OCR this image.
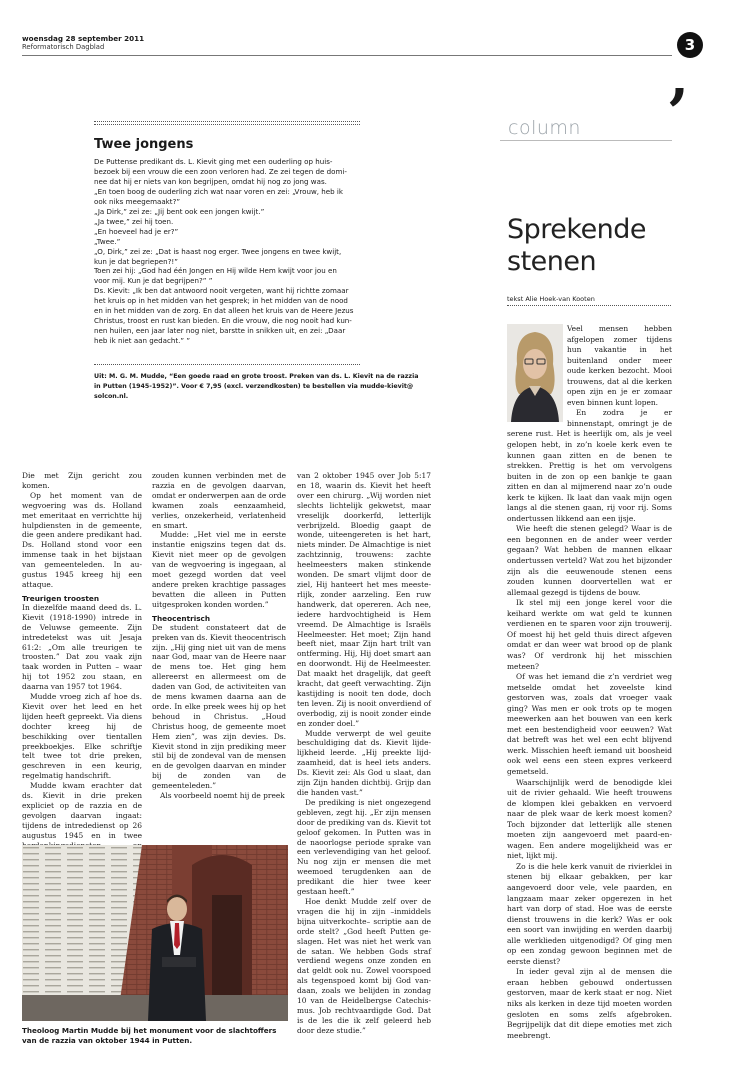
woensdag 28 september 2011
Reformatorisch Dagblad	3
,
Twee jongens

De Puttense predikant ds. L. Kievit ging met een ouderling op huis-

bezoek bij een vrouw die een zoon verloren had. Ze zei tegen de domi-

nee dat hij er niets van kon begrijpen, omdat hij nog zo jong was.

„En toen boog de ouderling zich wat naar voren en zei: „Vrouw, heb ik

ook niks meegemaakt?”

„Ja Dirk,” zei ze: „Jij bent ook een jongen kwijt.”

„Ja twee,” zei hij toen.

„En hoeveel had je er?”

„Twee.”

„O, Dirk,” zei ze: „Dat is haast nog erger. Twee jongens en twee kwijt,

kun je dat begriepen?!”

Toen zei hij: „God had één Jongen en Hij wilde Hem kwijt voor jou en

voor mij. Kun je dat begrijpen?” ”

Ds. Kievit: „Ik ben dat antwoord nooit vergeten, want hij richtte zomaar

het kruis op in het midden van het gesprek; in het midden van de nood

en in het midden van de zorg. En dat alleen het kruis van de Heere Jezus

Christus, troost en rust kan bieden. En die vrouw, die nog nooit had kun-

nen huilen, een jaar later nog niet, barstte in snikken uit, en zei: „Daar

heb ik niet aan gedacht.” ”

Uit: M. G. M. Mudde, “Een goede raad en grote troost. Preken van ds. L. Kievit na de razzia

in Putten (1945-1952)”. Voor € 7,95 (excl. verzendkosten) te bestellen via mudde-kievit@

solcon.nl.

Die met Zijn gericht zou komen.

Op het moment van de wegvoering was ds. Holland met emeritaat en verrichtte hij hulpdiensten in de gemeente, die geen andere predikant had. Ds. Holland stond voor een immense taak in het bijstaan van gemeenteleden. In augustus 1945 kreeg hij een attaque.

Treurigen troosten

In diezelfde maand deed ds. L. Kievit (1918-1990) intrede in de Veluwse gemeente. Zijn intredetekst was uit Jesaja 61:2: „Om alle treurigen te troosten.” Dat zou vaak zijn taak worden in Putten – waar hij tot 1952 zou staan, en daarna van 1957 tot 1964.

Mudde vroeg zich af hoe ds. Kievit over het leed en het lijden heeft gepreekt. Via diens dochter kreeg hij de beschikking over tientallen preekboekjes. Elke schriftje telt twee tot drie preken, geschreven in een keurig, regelmatig handschrift.

Mudde kwam erachter dat ds. Kievit in drie preken expliciet op de razzia en de gevolgen daarvan ingaat: tijdens de intrededienst op 26 augustus 1945 en in twee

zouden kunnen verbinden met de razzia en de gevolgen daarvan, omdat er onderwerpen aan de orde kwamen zoals eenzaamheid, verlies, onzekerheid, verlatenheid en smart.

Mudde: „Het viel me in eerste instantie enigszins tegen dat ds. Kievit niet meer op de gevolgen van de wegvoering is ingegaan, al moet gezegd worden dat veel andere preken krachtige passages bevatten die alleen in Putten uitgesproken konden worden.”

Theocentrisch

De student constateert dat de preken van ds. Kievit theocentrisch zijn. „Hij ging niet uit van de mens naar God, maar van de Heere naar de mens toe. Het ging hem allereerst en allermeest om de daden van God, de activiteiten van de mens kwamen daarna aan de orde. In elke preek wees hij op het behoud in Christus. „Houd Christus hoog, de gemeente moet Hem zien”, was zijn devies. Ds. Kievit stond in zijn prediking meer stil bij de zondeval van de mensen en de gevolgen daarvan en minder bij de zonden van de gemeenteleden.”

Als voorbeeld noemt hij de preek

van 2 oktober 1945 over Job 5:17 en 18, waarin ds. Kievit het heeft over een chirurg. „Wij worden niet slechts lichtelijk gekwetst, maar vreselijk doorkerfd, letterlijk verbrijzeld. Bloedig gaapt de wonde, uiteengereten is het hart, niets minder. De Almachtige is niet zachtzinnig, trouwens: zachte heelmeesters maken stinkende wonden. De smart vlijmt door de ziel, Hij hanteert het mes meesterlijk, zonder aarzeling. Een ruw handwerk, dat opereren. Ach nee, iedere hardvochtigheid is Hem vreemd. De Almachtige is Israëls Heelmeester. Het moet; Zijn hand beeft niet, maar Zijn hart trilt van ontferming. Hij, Hij doet smart aan en doorwondt. Hij de Heelmeester. Dat maakt het dragelijk, dat geeft kracht, dat geeft verwachting. Zijn kastijding is nooit ten dode, doch ten leven. Zij is nooit onverdiend of overbodig, zij is nooit zonder einde en zonder doel.”

Mudde verwerpt de wel geuite beschuldiging dat ds. Kievit lijdelijkheid leerde. „Hij preekte lijdzaamheid, dat is heel iets anders. Ds. Kievit zei: Als God u slaat, dan zijn Zijn handen dichtbij. Grijp dan die handen vast.”

De prediking is niet ongezegend gebleven, zegt hij. „Er zijn mensen door de prediking van ds. Kievit tot geloof gekomen. In Putten was in de naoorlogse periode sprake van een verlevendiging van het geloof. Nu nog zijn er mensen die met weemoed terugdenken aan de predikant die hier twee keer gestaan heeft.”

Hoe denkt Mudde zelf over de vragen die hij in zijn –inmiddels bijna uitverkochte– scriptie aan de orde stelt? „God heeft Putten geslagen. Het was niet het werk van de satan. We hebben Gods straf verdiend wegens onze zonden en dat geldt ook nu. Zowel voorspoed als tegenspoed komt bij God vandaan, zoals we belijden in zondag 10 van de Heidelbergse Catechismus. Job rechtvaardigde God. Dat is de les die ik zelf geleerd heb door deze studie.”

Theoloog Martin Mudde bij het monument voor de slachtoffers van de razzia van oktober 1944 in Putten.
column
Sprekende
stenen
tekst Alie Hoek-van Kooten

Veel mensen hebben afgelopen zomer tijdens hun vakantie in het buitenland onder meer oude kerken bezocht. Mooi trouwens, dat al die kerken open zijn en je er zomaar even binnen kunt lopen.

En zodra je er binnenstapt, omringt je de serene rust. Het is heerlijk om, als je veel gelopen hebt, in zo’n koele kerk even te kunnen gaan zitten en de benen te strekken. Prettig is het om vervolgens buiten in de zon op een bankje te gaan zitten en dan al mijmerend naar zo’n oude kerk te kijken. Ik laat dan vaak mijn ogen langs al die stenen gaan, rij voor rij. Soms ondertussen likkend aan een ijsje.

Wie heeft die stenen gelegd? Waar is de een begonnen en de ander weer verder gegaan? Wat hebben de mannen elkaar ondertussen verteld? Wat zou het bijzonder zijn als die eeuwenoude stenen eens zouden kunnen doorvertellen wat er allemaal gezegd is tijdens de bouw.

Ik stel mij een jonge kerel voor die keihard werkte om wat geld te kunnen verdienen en te sparen voor zijn trouwerij. Of moest hij het geld thuis direct afgeven omdat er dan weer wat brood op de plank was? Of verdronk hij het misschien meteen?

Of was het iemand die z’n verdriet weg metselde omdat het zoveelste kind gestorven was, zoals dat vroeger vaak ging? Was men er ook trots op te mogen meewerken aan het bouwen van een kerk met een bestendigheid voor eeuwen? Wat dat betreft was het wel een echt blijvend werk. Misschien heeft iemand uit boosheid ook wel eens een steen expres verkeerd gemetseld.

Waarschijnlijk werd de benodigde klei uit de rivier gehaald. Wie heeft trouwens de klompen klei gebakken en vervoerd naar de plek waar de kerk moest komen? Toch bijzonder dat letterlijk alle stenen moeten zijn aangevoerd met paard-en-wagen. Een andere mogelijkheid was er niet, lijkt mij.

Zo is die hele kerk vanuit de rivierklei in stenen bij elkaar gebakken, per kar aangevoerd door vele, vele paarden, en langzaam maar zeker opgerezen in het hart van dorp of stad. Hoe was de eerste dienst trouwens in die kerk? Was er ook een soort van inwijding en werden daarbij alle werklieden uitgenodigd? Of ging men op een zondag gewoon beginnen met de eerste dienst?

In ieder geval zijn al de mensen die eraan hebben gebouwd ondertussen gestorven, maar de kerk staat er nog. Niet niks als kerken in deze tijd moeten worden gesloten en soms zelfs afgebroken. Begrijpelijk dat dit diepe emoties met zich meebrengt.
